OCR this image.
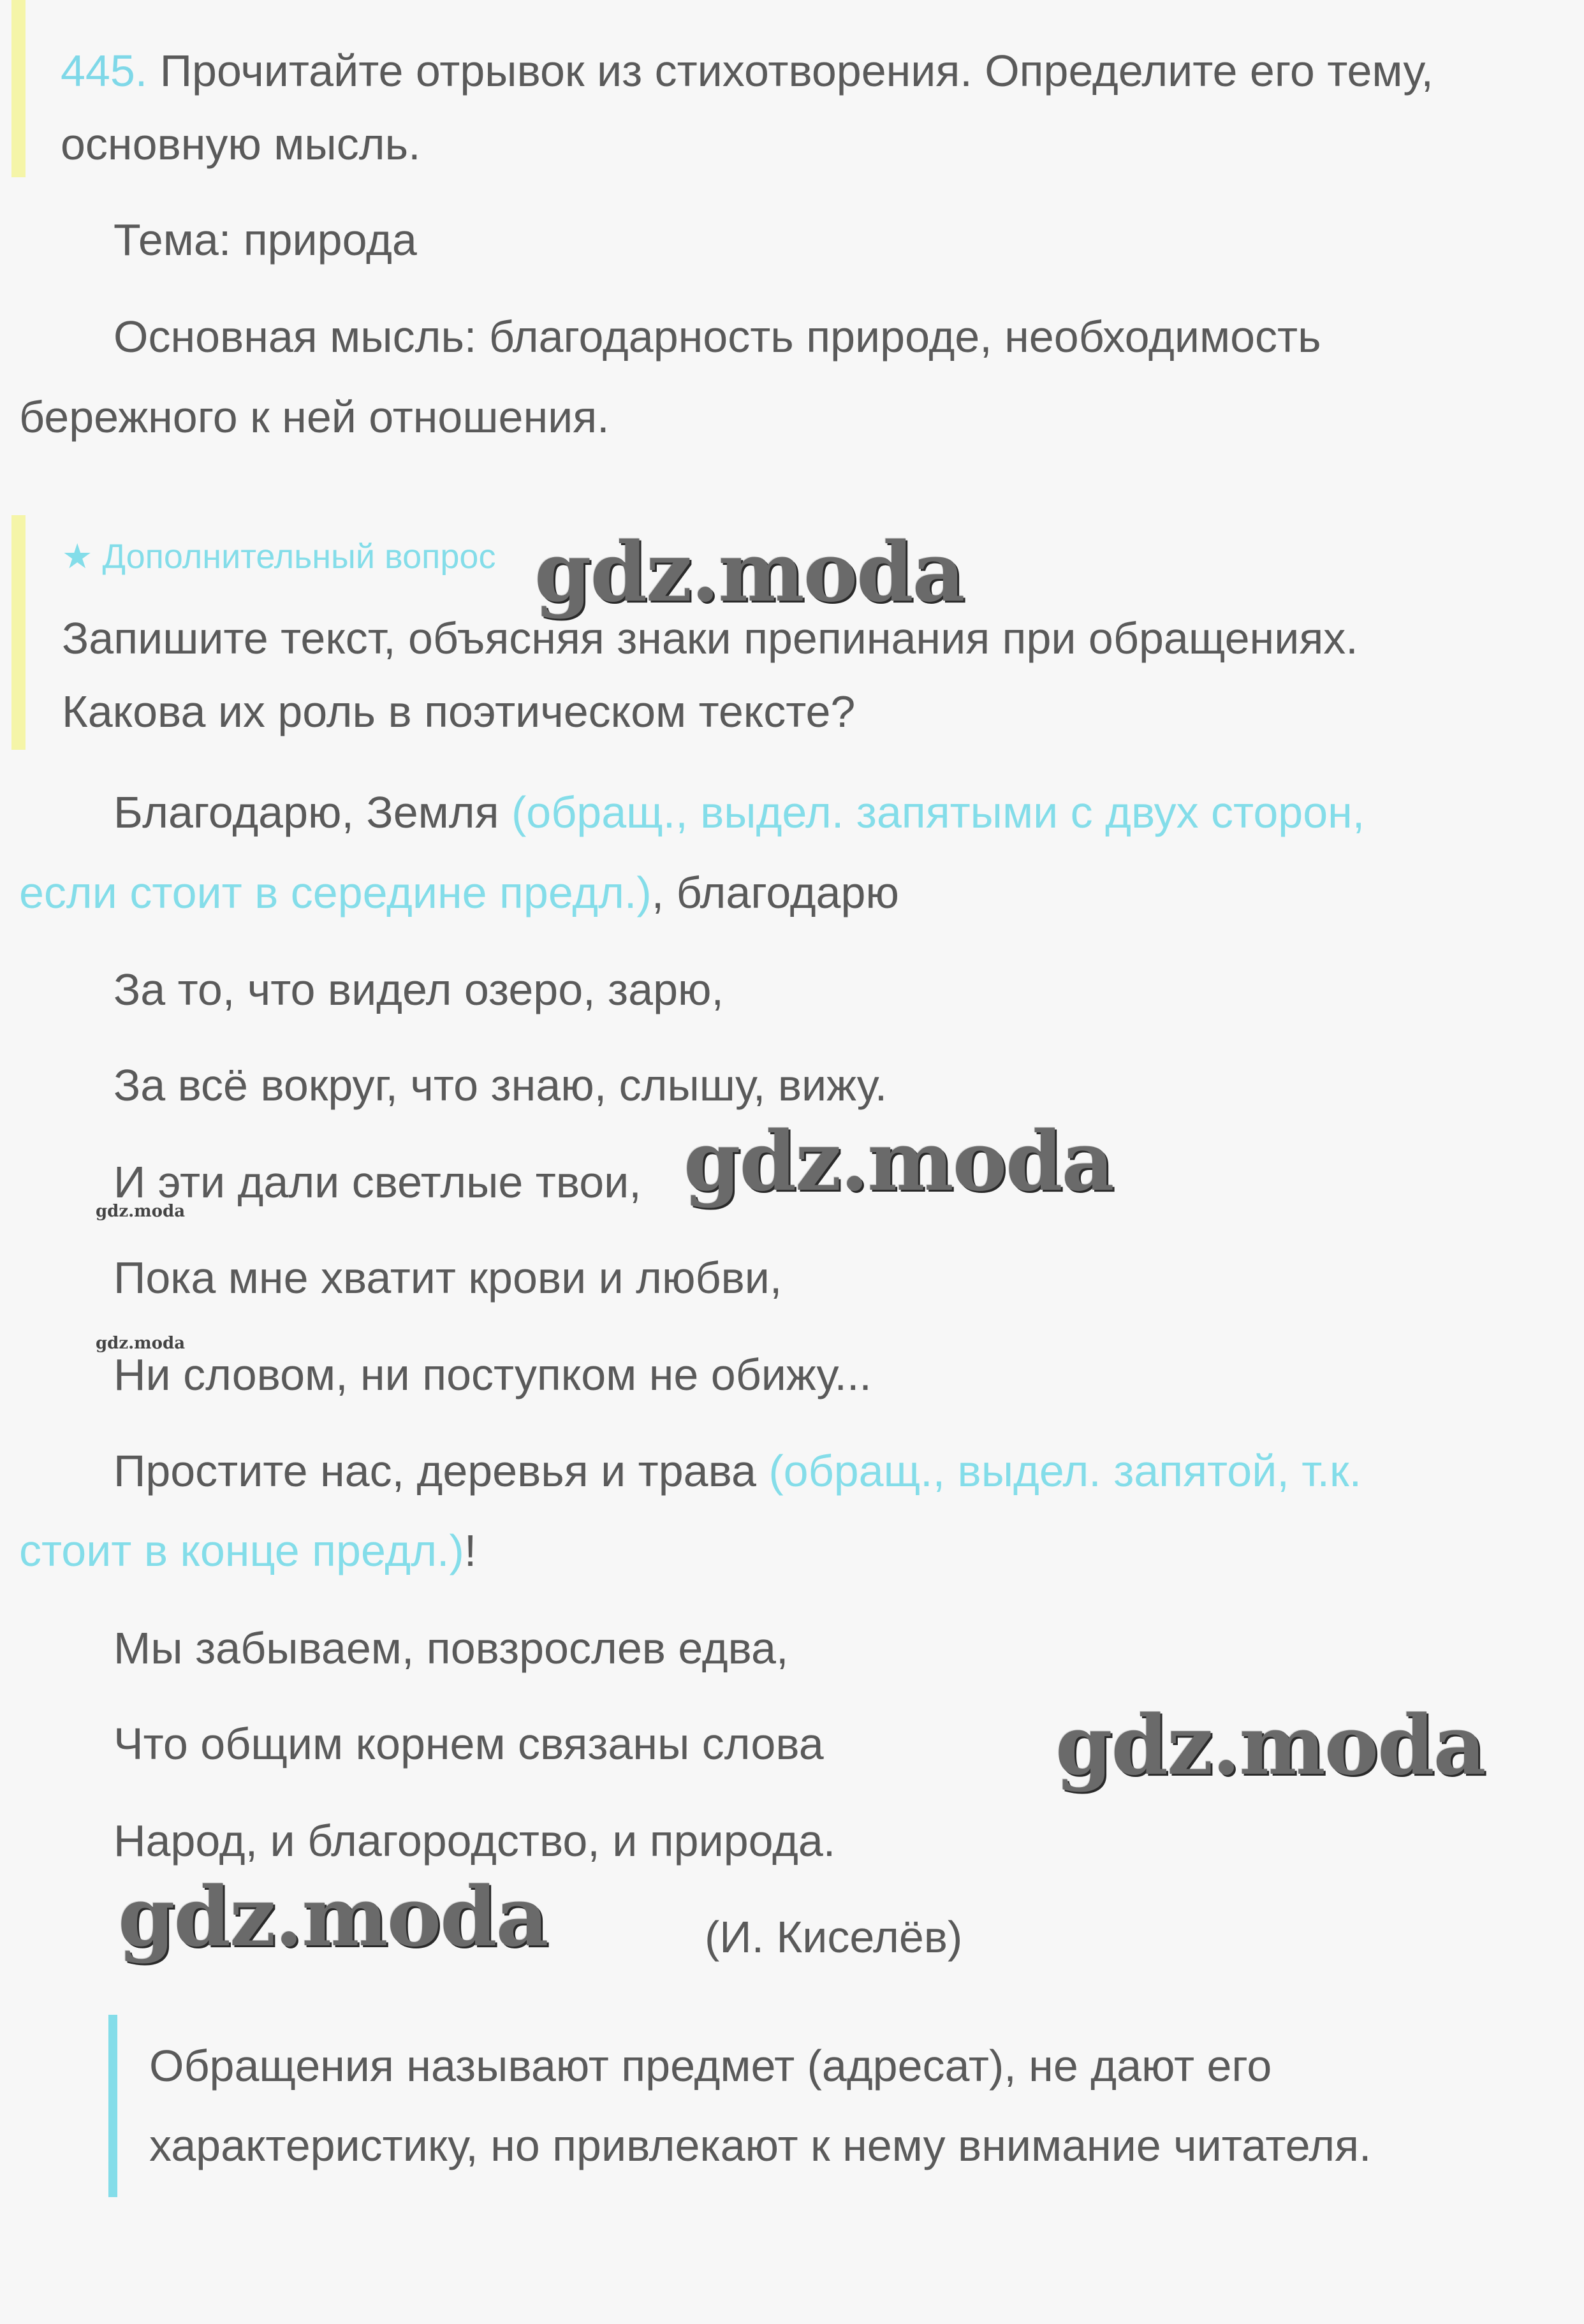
445. Прочитайте отрывок из стихотворения. Определите его тему,
основную мысль.
Тема: природа
Основная мысль: благодарность природе, необходимость
бережного к ней отношения.
★ Дополнительный вопрос
Запишите текст, объясняя знаки препинания при обращениях.
Какова их роль в поэтическом тексте?
Благодарю, Земля (обращ., выдел. запятыми с двух сторон,
если стоит в середине предл.), благодарю
За то, что видел озеро, зарю,
За всё вокруг, что знаю, слышу, вижу.
И эти дали светлые твои,
Пока мне хватит крови и любви,
Ни словом, ни поступком не обижу...
Простите нас, деревья и трава (обращ., выдел. запятой, т.к.
стоит в конце предл.)!
Мы забываем, повзрослев едва,
Что общим корнем связаны слова
Народ, и благородство, и природа.
(И. Киселёв)
Обращения называют предмет (адресат), не дают его
характеристику, но привлекают к нему внимание читателя.
gdz.moda
gdz.moda
gdz.moda
gdz.moda
gdz.moda
gdz.moda
